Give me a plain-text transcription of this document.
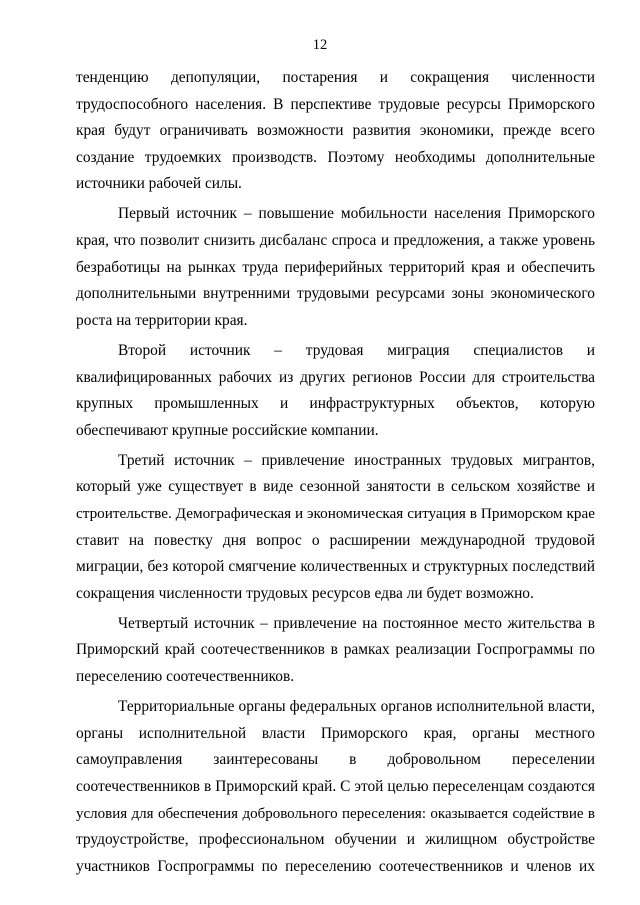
12
тенденцию депопуляции, постарения и сокращения численности
трудоспособного населения. В перспективе трудовые ресурсы Приморского
края будут ограничивать возможности развития экономики, прежде всего
создание трудоемких производств. Поэтому необходимы дополнительные
источники рабочей силы.
Первый источник – повышение мобильности населения Приморского
края, что позволит снизить дисбаланс спроса и предложения, а также уровень
безработицы на рынках труда периферийных территорий края и обеспечить
дополнительными внутренними трудовыми ресурсами зоны экономического
роста на территории края.
Второй источник – трудовая миграция специалистов и
квалифицированных рабочих из других регионов России для строительства
крупных промышленных и инфраструктурных объектов, которую
обеспечивают крупные российские компании.
Третий источник – привлечение иностранных трудовых мигрантов,
который уже существует в виде сезонной занятости в сельском хозяйстве и
строительстве. Демографическая и экономическая ситуация в Приморском крае
ставит на повестку дня вопрос о расширении международной трудовой
миграции, без которой смягчение количественных и структурных последствий
сокращения численности трудовых ресурсов едва ли будет возможно.
Четвертый источник – привлечение на постоянное место жительства в
Приморский край соотечественников в рамках реализации Госпрограммы по
переселению соотечественников.
Территориальные органы федеральных органов исполнительной власти,
органы исполнительной власти Приморского края, органы местного
самоуправления заинтересованы в добровольном переселении
соотечественников в Приморский край. С этой целью переселенцам создаются
условия для обеспечения добровольного переселения: оказывается содействие в
трудоустройстве, профессиональном обучении и жилищном обустройстве
участников Госпрограммы по переселению соотечественников и членов их
